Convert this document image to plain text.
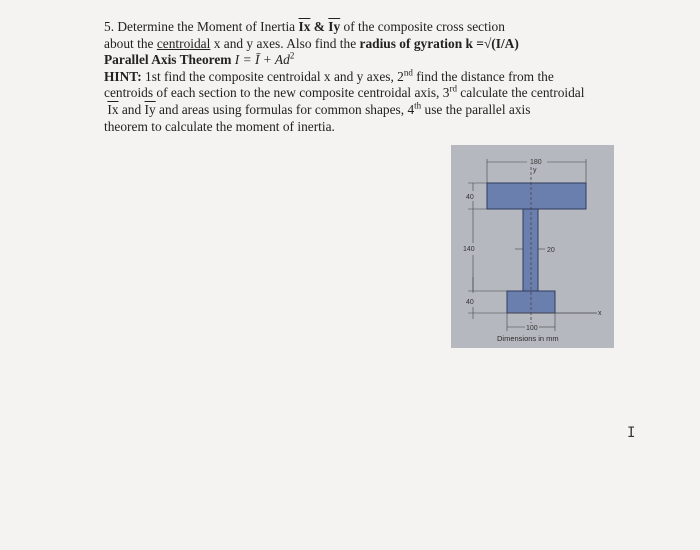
5. Determine the Moment of Inertia $\overline{Ix}$ & $\overline{Iy}$ of the composite cross section

about the centroidal x and y axes. Also find the radius of gyration k =√(I/A)

Parallel Axis Theorem I = Ī + $Ad^2$

HINT: 1st find the composite centroidal x and y axes, 2nd find the distance from the

centroids of each section to the new composite centroidal axis, 3rd calculate the centroidal

$\overline{Ix}$ and $\overline{Iy}$ and areas using formulas for common shapes, 4th use the parallel axis

theorem to calculate the moment of inertia.

180
y
40
140
40
20
100
x
Dimensions in mm
I
